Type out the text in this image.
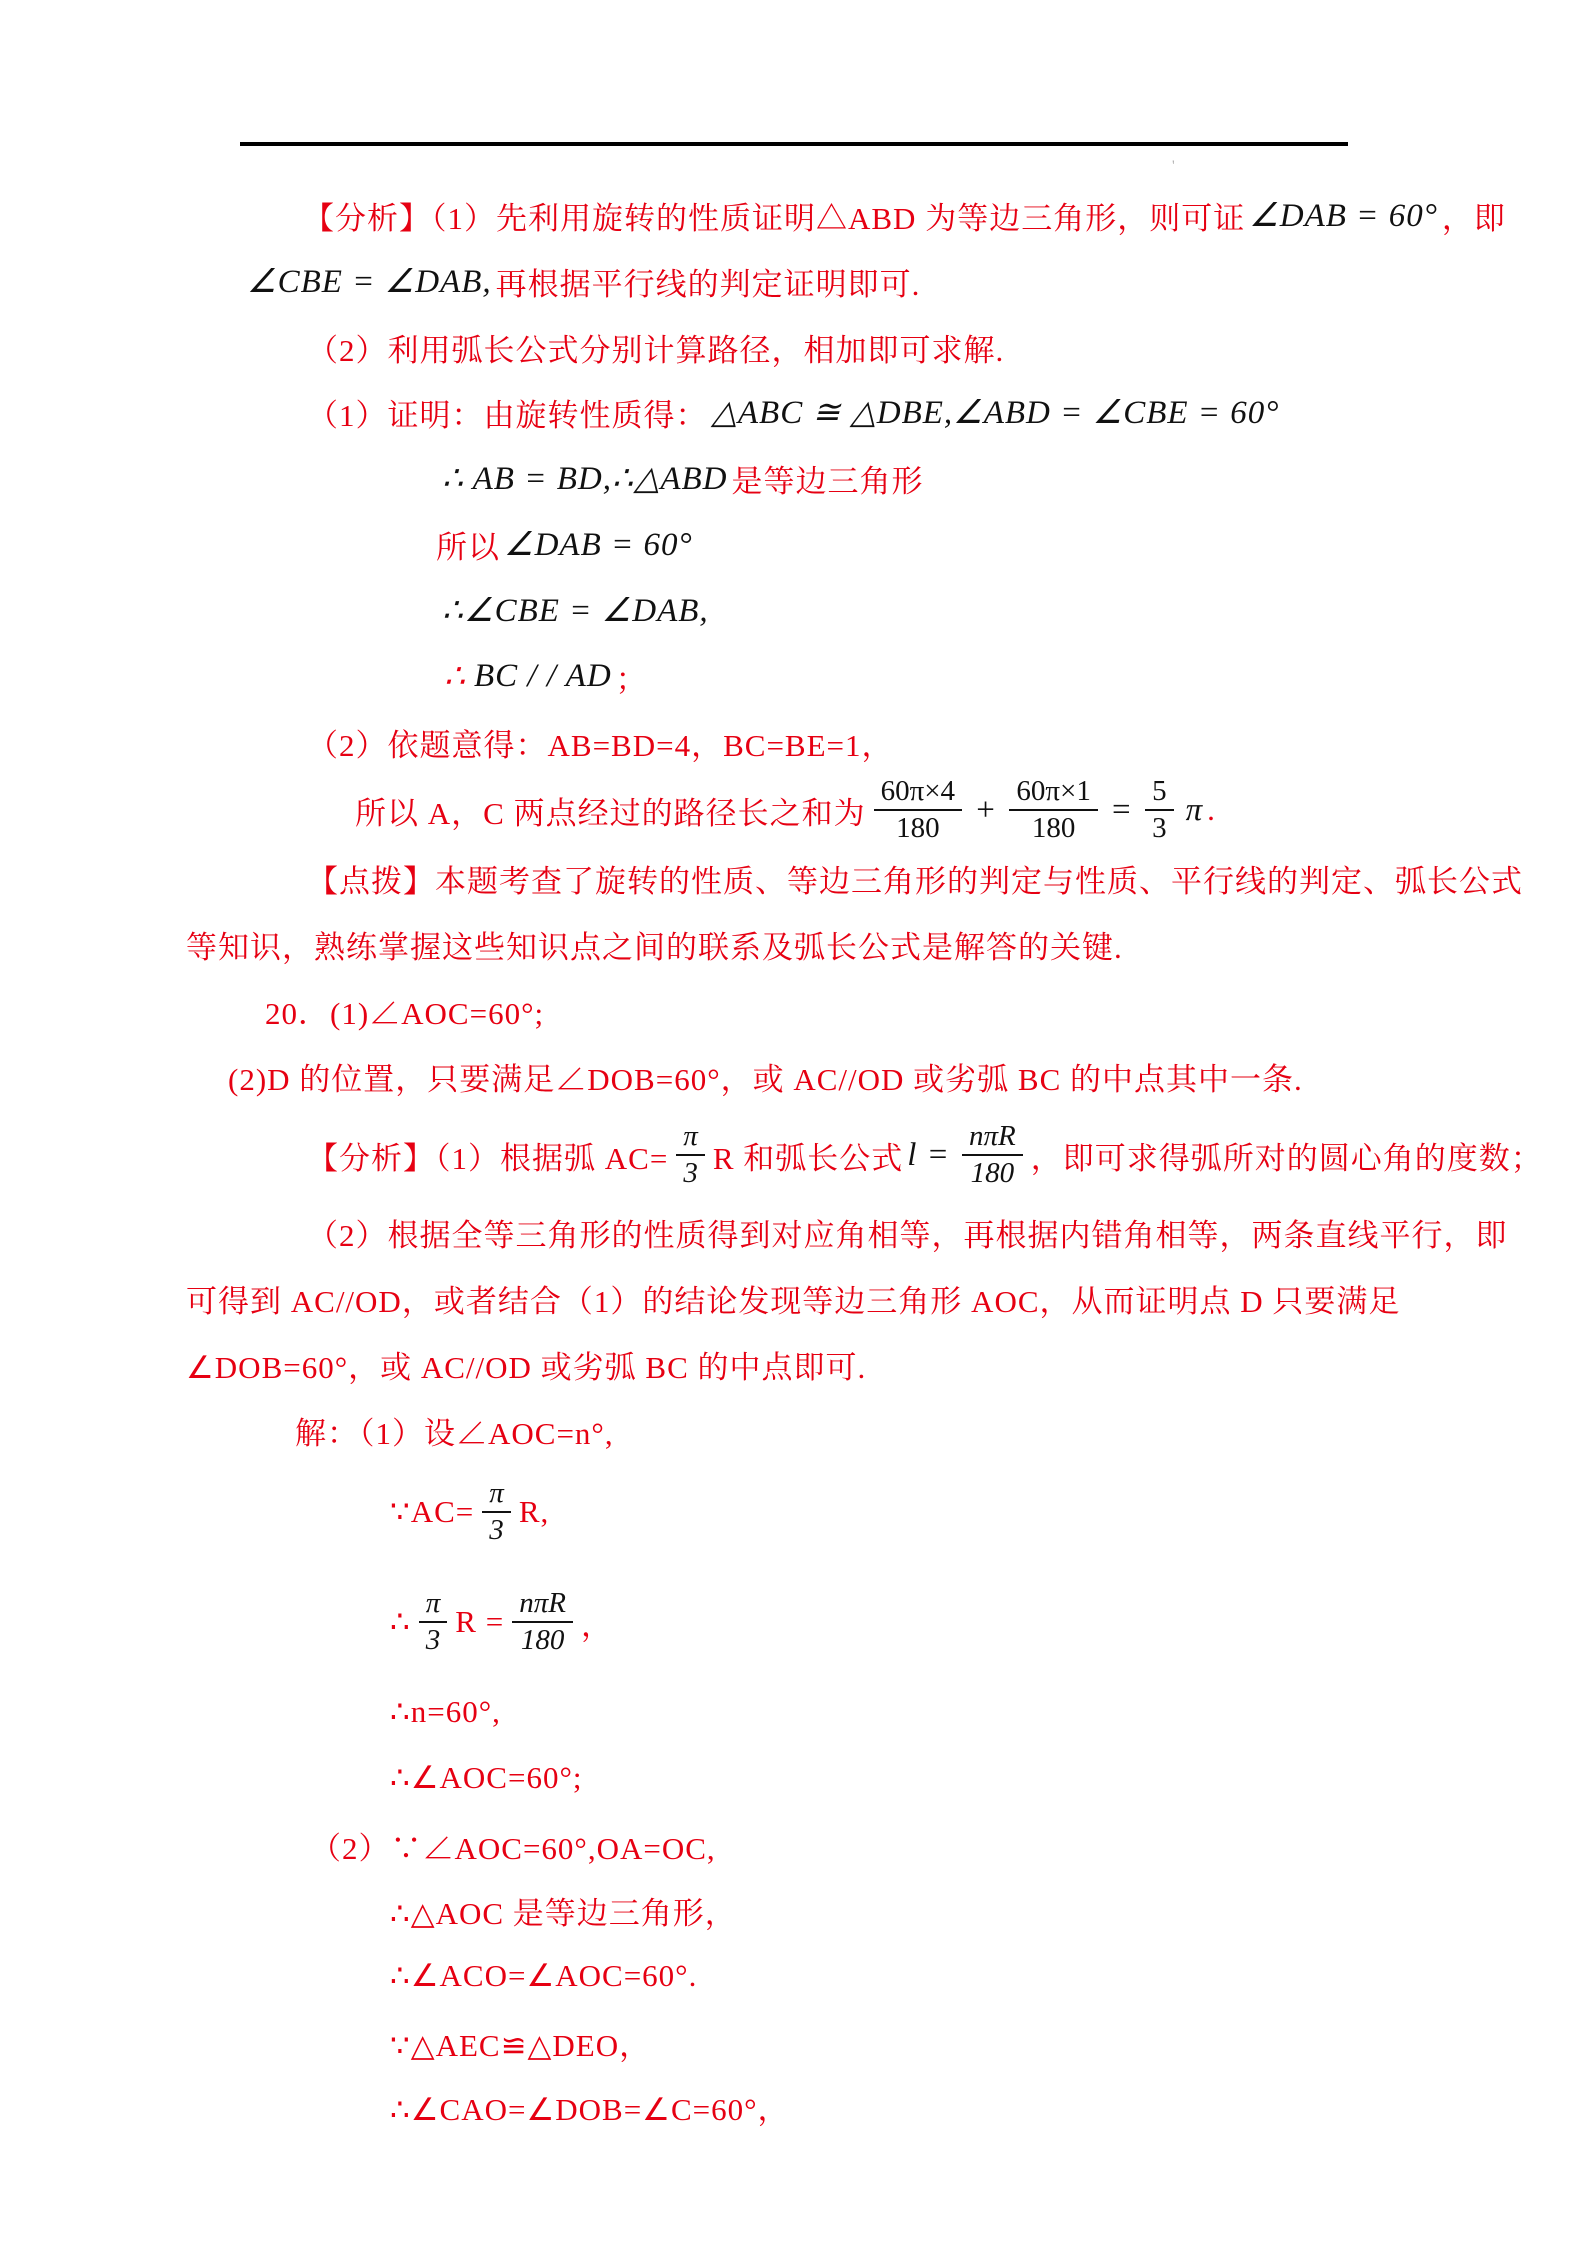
'
【分析】（1）先利用旋转的性质证明△ABD 为等边三角形，则可证 ∠DAB = 60° ，即
∠CBE = ∠DAB, 再根据平行线的判定证明即可.
（2）利用弧长公式分别计算路径，相加即可求解.
（1）证明：由旋转性质得： △ABC ≅ △DBE,∠ABD = ∠CBE = 60°
∴ AB = BD,∴△ABD 是等边三角形
所以 ∠DAB = 60°
∴∠CBE = ∠DAB,
∴ BC / / AD ；
（2）依题意得：AB=BD=4，BC=BE=1，
所以 A，C 两点经过的路径长之和为 $\frac{60\pi\times 4}{180} + \frac{60\pi\times 1}{180} = \frac{5}{3}$ π .
【点拨】本题考查了旋转的性质、等边三角形的判定与性质、平行线的判定、弧长公式
等知识，熟练掌握这些知识点之间的联系及弧长公式是解答的关键.
20．(1)∠AOC=60°;
(2)D 的位置，只要满足∠DOB=60°，或 AC//OD 或劣弧 BC 的中点其中一条.
【分析】（1）根据弧 $AC= \frac{\pi}{3}$ R 和弧长公式 $l = \frac{\text{nπR}}{180}$ ，即可求得弧所对的圆心角的度数；
（2）根据全等三角形的性质得到对应角相等，再根据内错角相等，两条直线平行，即
可得到 AC//OD，或者结合（1）的结论发现等边三角形 AOC，从而证明点 D 只要满足
∠DOB=60°，或 AC//OD 或劣弧 BC 的中点即可.
解：（1）设∠AOC=n°,
∵AC= $\frac{\pi}{3} R$,
∴ $\frac{\pi}{3}$ $R = \frac{\text{nπR}}{180}$ ，
∴n=60°,
∴∠AOC=60°;
（2）∵∠AOC=60°,OA=OC,
∴△AOC 是等边三角形，
∴∠ACO=∠AOC=60°.
∵△AEC≌△DEO，
∴∠CAO=∠DOB=∠C=60°，
